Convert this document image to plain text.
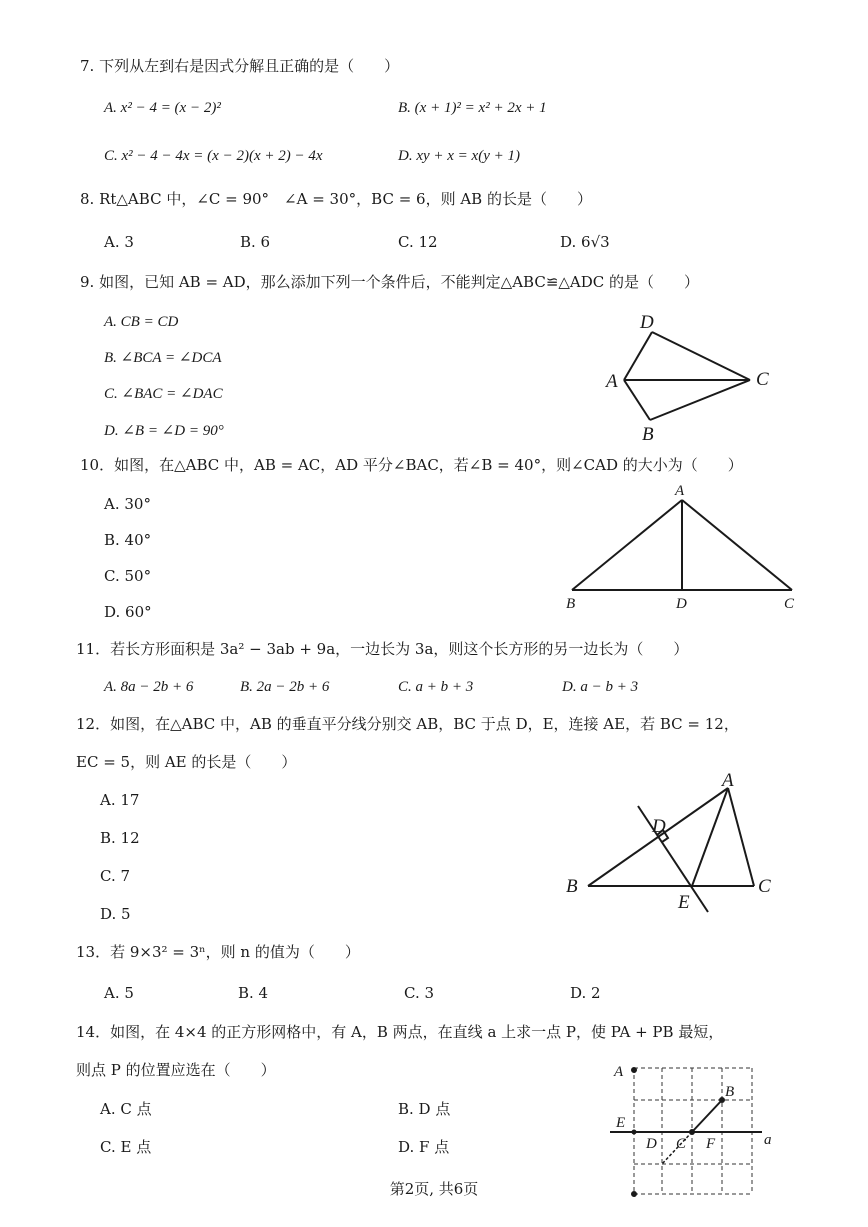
7. 下列从左到右是因式分解且正确的是（　　）
A. x² − 4 = (x − 2)²	B. (x + 1)² = x² + 2x + 1
C. x² − 4 − 4x = (x − 2)(x + 2) − 4x	D. xy + x = x(y + 1)
8. Rt△ABC 中，∠C = 90°　∠A = 30°，BC = 6，则 AB 的长是（　　）
A. 3	B. 6	C. 12	D. 6√3
9. 如图，已知 AB = AD，那么添加下列一个条件后，不能判定△ABC≌△ADC 的是（　　）
A. CB = CD
B. ∠BCA = ∠DCA
C. ∠BAC = ∠DAC
D. ∠B = ∠D = 90°
D
A	C
B
10．如图，在△ABC 中，AB = AC，AD 平分∠BAC，若∠B = 40°，则∠CAD 的大小为（　　）
A. 30°
B. 40°
C. 50°
D. 60°
A
B	D	C
11．若长方形面积是 3a² − 3ab + 9a，一边长为 3a，则这个长方形的另一边长为（　　）
A. 8a − 2b + 6	B. 2a − 2b + 6	C. a + b + 3	D. a − b + 3
12．如图，在△ABC 中，AB 的垂直平分线分别交 AB，BC 于点 D，E，连接 AE，若 BC = 12，
EC = 5，则 AE 的长是（　　）
A. 17
B. 12
C. 7
D. 5
A
D
B	C
E
13．若 9×3² = 3ⁿ，则 n 的值为（　　）
A. 5	B. 4	C. 3	D. 2
14．如图，在 4×4 的正方形网格中，有 A，B 两点，在直线 a 上求一点 P，使 PA + PB 最短，
则点 P 的位置应选在（　　）
A. C 点	B. D 点
C. E 点	D. F 点
A
B
E
D C F	a
第2页, 共6页
